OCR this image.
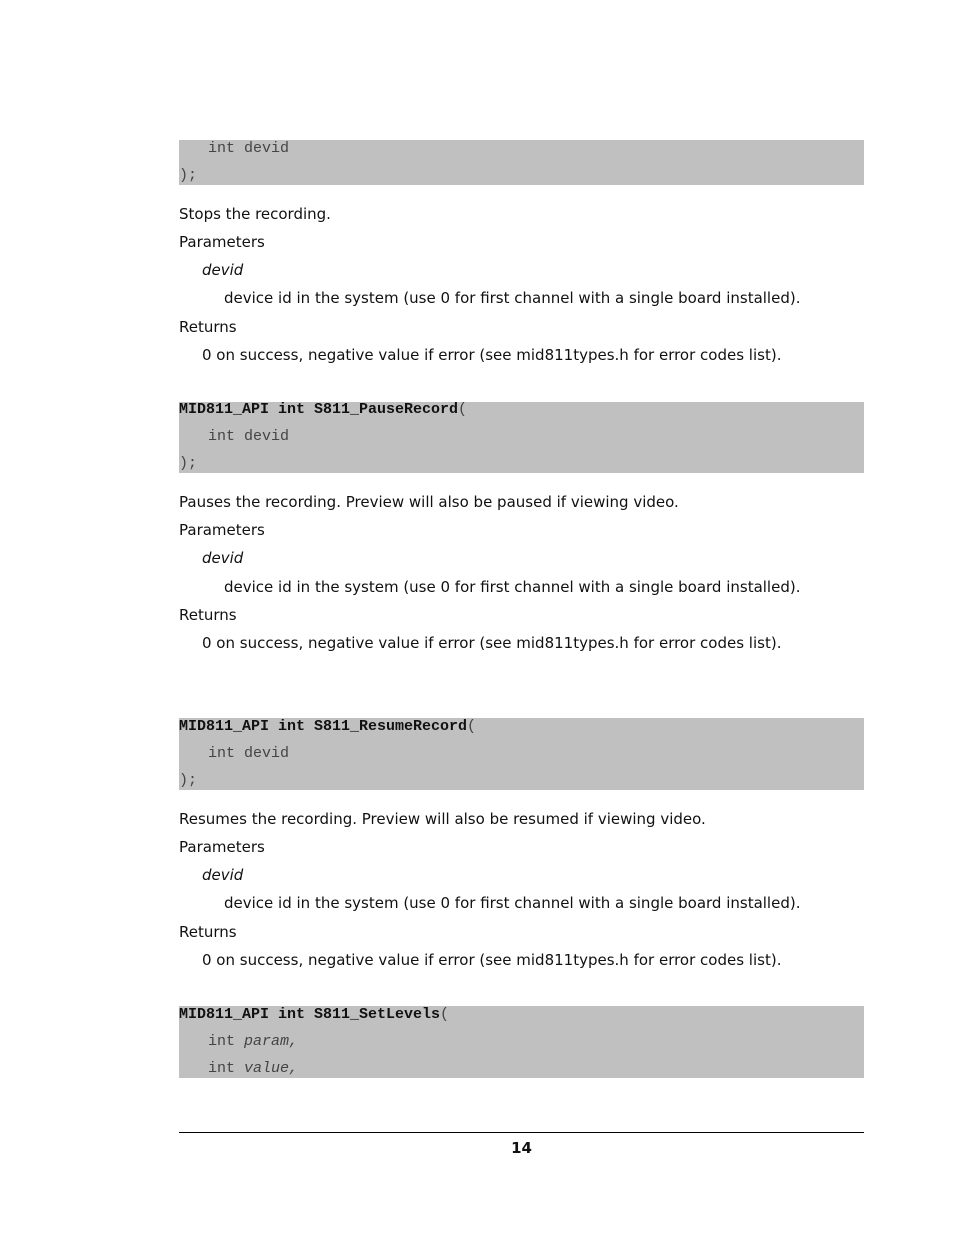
int devid
);
Stops the recording.
Parameters
devid
device id in the system (use 0 for first channel with a single board installed).
Returns
0 on success, negative value if error (see mid811types.h for error codes list).
MID811_API int S811_PauseRecord(
int devid
);
Pauses the recording. Preview will also be paused if viewing video.
Parameters
devid
device id in the system (use 0 for first channel with a single board installed).
Returns
0 on success, negative value if error (see mid811types.h for error codes list).
MID811_API int S811_ResumeRecord(
int devid
);
Resumes the recording. Preview will also be resumed if viewing video.
Parameters
devid
device id in the system (use 0 for first channel with a single board installed).
Returns
0 on success, negative value if error (see mid811types.h for error codes list).
MID811_API int S811_SetLevels(
int param,
int value,
14
